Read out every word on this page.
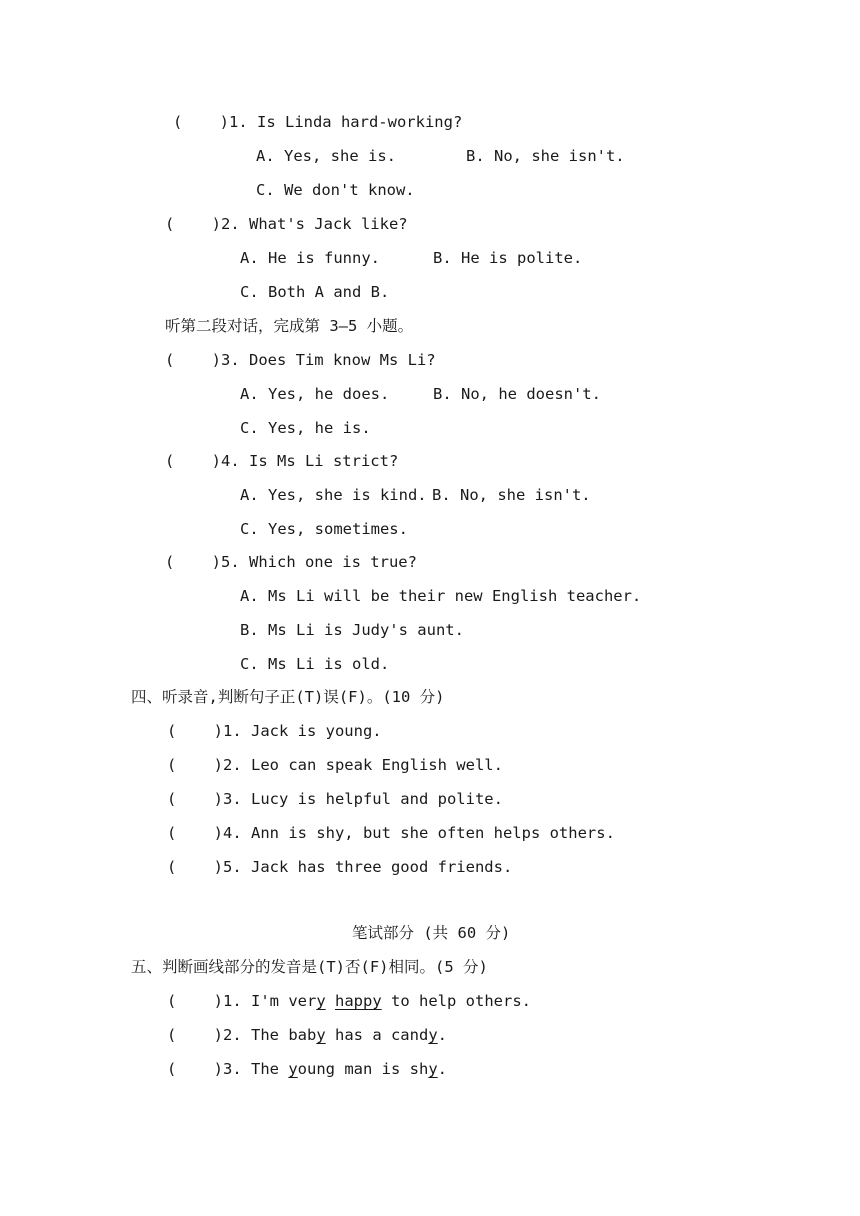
(    )1. Is Linda hard-working?
A. Yes, she is.	B. No, she isn't.
C. We don't know.
(    )2. What's Jack like?
A. He is funny.	B. He is polite.
C. Both A and B.
听第二段对话，完成第 3—5 小题。
(    )3. Does Tim know Ms Li?
A. Yes, he does.	B. No, he doesn't.
C. Yes, he is.
(    )4. Is Ms Li strict?
A. Yes, she is kind. B. No, she isn't.
C. Yes, sometimes.
(    )5. Which one is true?
A. Ms Li will be their new English teacher.
B. Ms Li is Judy's aunt.
C. Ms Li is old.
四、听录音,判断句子正(T)误(F)。(10 分)
(    )1. Jack is young.
(    )2. Leo can speak English well.
(    )3. Lucy is helpful and polite.
(    )4. Ann is shy, but she often helps others.
(    )5. Jack has three good friends.
笔试部分 (共 60 分)
五、判断画线部分的发音是(T)否(F)相同。(5 分)
(    )1. I'm very happy to help others.
(    )2. The baby has a candy.
(    )3. The young man is shy.
